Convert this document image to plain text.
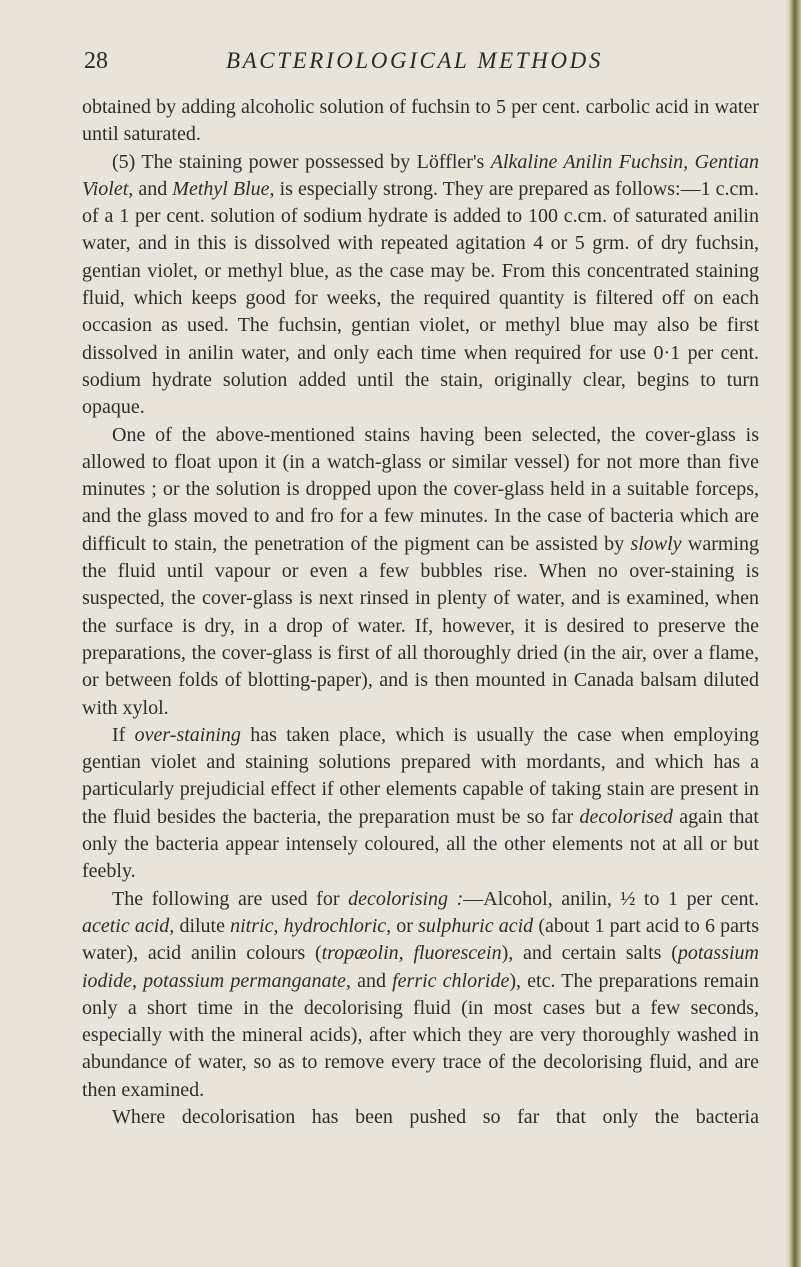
28	BACTERIOLOGICAL METHODS

obtained by adding alcoholic solution of fuchsin to 5 per cent. carbolic acid in water until saturated.

(5) The staining power possessed by Löffler's Alkaline Anilin Fuchsin, Gentian Violet, and Methyl Blue, is especially strong. They are prepared as follows:—1 c.cm. of a 1 per cent. solution of sodium hydrate is added to 100 c.cm. of saturated anilin water, and in this is dissolved with repeated agitation 4 or 5 grm. of dry fuchsin, gentian violet, or methyl blue, as the case may be. From this concentrated staining fluid, which keeps good for weeks, the required quantity is filtered off on each occasion as used. The fuchsin, gentian violet, or methyl blue may also be first dissolved in anilin water, and only each time when required for use 0·1 per cent. sodium hydrate solution added until the stain, originally clear, begins to turn opaque.

One of the above-mentioned stains having been selected, the cover-glass is allowed to float upon it (in a watch-glass or similar vessel) for not more than five minutes ; or the solution is dropped upon the cover-glass held in a suitable forceps, and the glass moved to and fro for a few minutes. In the case of bacteria which are difficult to stain, the penetration of the pigment can be assisted by slowly warming the fluid until vapour or even a few bubbles rise. When no over-staining is suspected, the cover-glass is next rinsed in plenty of water, and is examined, when the surface is dry, in a drop of water. If, however, it is desired to preserve the preparations, the cover-glass is first of all thoroughly dried (in the air, over a flame, or between folds of blotting-paper), and is then mounted in Canada balsam diluted with xylol.

If over-staining has taken place, which is usually the case when employing gentian violet and staining solutions prepared with mordants, and which has a particularly prejudicial effect if other elements capable of taking stain are present in the fluid besides the bacteria, the preparation must be so far decolorised again that only the bacteria appear intensely coloured, all the other elements not at all or but feebly.

The following are used for decolorising :—Alcohol, anilin, ½ to 1 per cent. acetic acid, dilute nitric, hydrochloric, or sulphuric acid (about 1 part acid to 6 parts water), acid anilin colours (tropæolin, fluorescein), and certain salts (potassium iodide, potassium permanganate, and ferric chloride), etc. The preparations remain only a short time in the decolorising fluid (in most cases but a few seconds, especially with the mineral acids), after which they are very thoroughly washed in abundance of water, so as to remove every trace of the decolorising fluid, and are then examined.

Where decolorisation has been pushed so far that only the bacteria
